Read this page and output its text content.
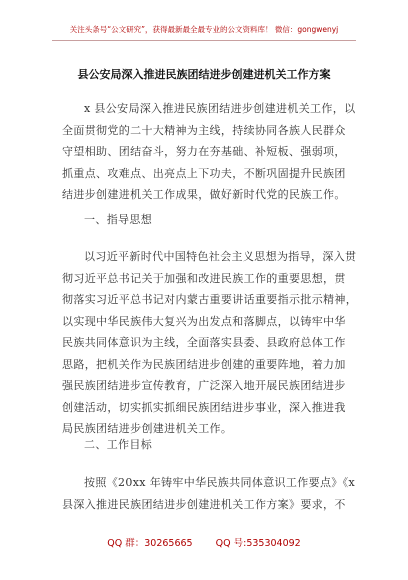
关注头条号“公文研究”，获得最新最全最专业的公文资料库！ 微信：gongwenyj
县公安局深入推进民族团结进步创建进机关工作方案
x 县公安局深入推进民族团结进步创建进机关工作，以
全面贯彻党的二十大精神为主线，持续协同各族人民群众
守望相助、团结奋斗，努力在夯基础、补短板、强弱项，
抓重点、攻难点、出亮点上下功夫，不断巩固提升民族团
结进步创建进机关工作成果，做好新时代党的民族工作。
一、指导思想
以习近平新时代中国特色社会主义思想为指导，深入贯
彻习近平总书记关于加强和改进民族工作的重要思想，贯
彻落实习近平总书记对内蒙古重要讲话重要指示批示精神，
以实现中华民族伟大复兴为出发点和落脚点，以铸牢中华
民族共同体意识为主线，全面落实县委、县政府总体工作
思路，把机关作为民族团结进步创建的重要阵地，着力加
强民族团结进步宣传教育，广泛深入地开展民族团结进步
创建活动，切实抓实抓细民族团结进步事业，深入推进我
局民族团结进步创建进机关工作。
二、工作目标
按照《20xx 年铸牢中华民族共同体意识工作要点》《x
县深入推进民族团结进步创建进机关工作方案》要求，不
QQ 群：30265665 QQ 号:535304092
